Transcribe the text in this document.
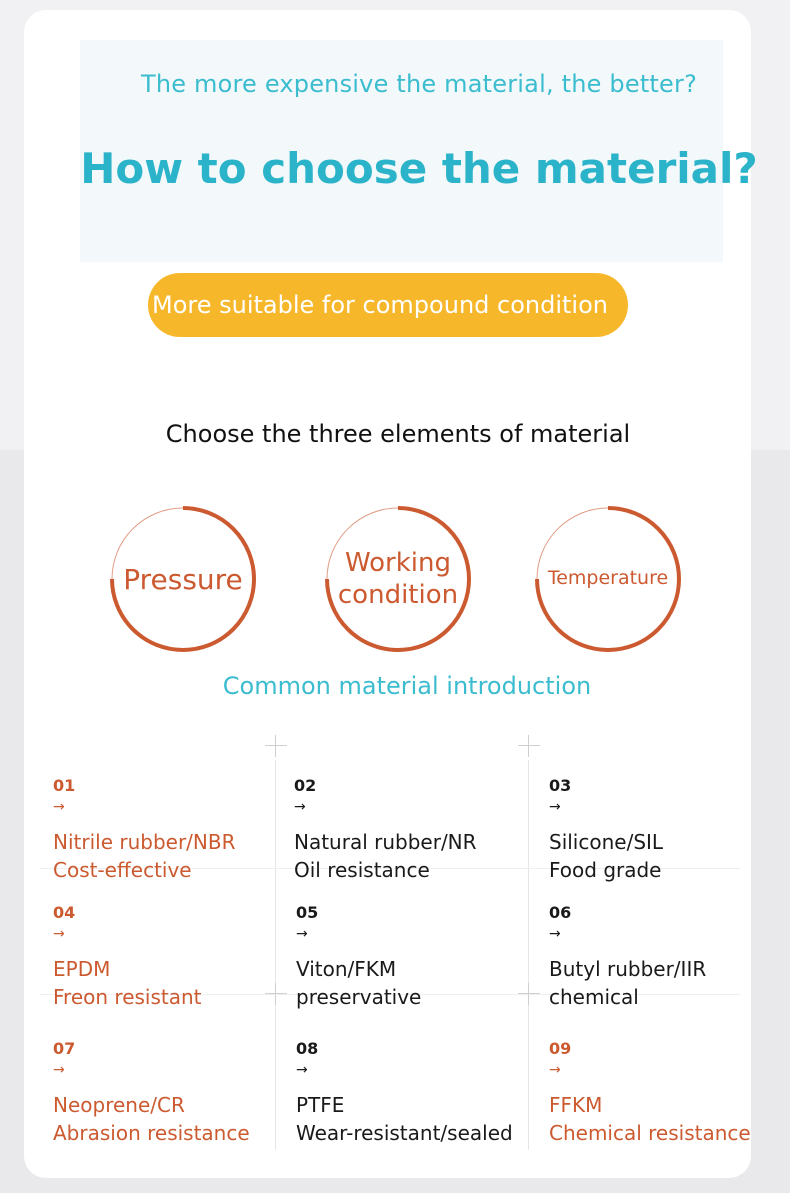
The more expensive the material, the better?
How to choose the material?
More suitable for compound condition
Choose the three elements of material
Pressure	Working
condition
Temperature
Common material introduction
01
→
Nitrile rubber/NBR
Cost-effective
02
→
Natural rubber/NR
Oil resistance
03
→
Silicone/SIL
Food grade
04
→
EPDM
Freon resistant
05
→
Viton/FKM
preservative
06
→
Butyl rubber/IIR
chemical
07
→
Neoprene/CR
Abrasion resistance
08
→
PTFE
Wear-resistant/sealed
09
→
FFKM
Chemical resistance
